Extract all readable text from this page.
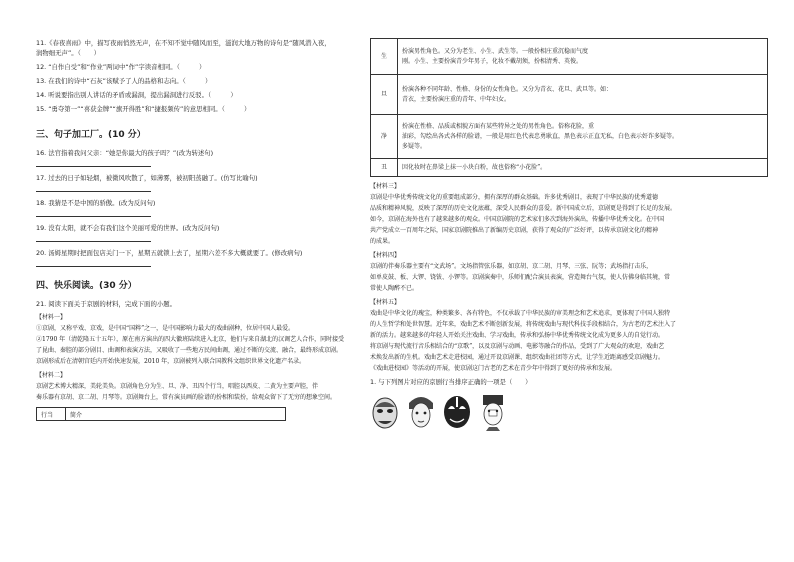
11.《春夜喜雨》中，描写夜雨悄然无声，在不知不觉中随风而至，滋润大地万物的诗句是“随风潜入夜，
润物细无声”。（　　）
12. “自作自受”和“作业”两词中“作”字读音相同。（　　　）
13. 在我们的诗中“石灰”该赋予了人的品格和志向。（　　　）
14. 听说要指出别人讲话的矛盾或漏洞，提出漏洞进行反驳。（　　　）
15. “勇夺第一”“喜获金牌”“旗开得胜”和“捷报频传”的意思相同。（　　　）
三、句子加工厂。(10 分）
16. 法官指着我问父亲：“她是你最大的孩子吗？”(改为转述句)
17. 过去的日子如轻烟，被微风吹散了，如薄雾，被初阳蒸融了。(仿写比喻句)
18. 我猜是不是中国的骄傲。(改为反问句)
19. 没有太阳，就不会有我们这个美丽可爱的世界。(改为反问句)
20. 汤姆星期时把面包店关门一下，星期五就锁上去了，星期六差不多大概就要了。(修改病句)
四、快乐阅读。(30 分）
21. 阅读下面关于京剧的材料，完成下面的小题。
【材料一】
①京剧，又称平戏、京戏，是中国“国粹”之一，是中国影响力最大的戏曲剧种，位居中国人最爱。
②1790 年（清乾隆五十五年），原在南方演出的四大徽班陆续进入北京，他们与来自湖北的汉调艺人合作，同时接受
了昆曲、秦腔的部分剧目、曲调和表演方法，又吸收了一些地方民间曲调，通过不断的交流、融合，最终形成京剧。
京剧形成后在清朝宫廷内开始快速发展，2010 年，京剧被列入联合国教科文组织世界文化遗产名录。
【材料二】
京剧艺术博大精深，美轮美奂。京剧角色分为生、旦、净、丑四个行当，唱腔以西皮、二黄为主要声腔，伴
奏乐器有京胡、京二胡、月琴等。京剧舞台上，常有演员画的脸谱的扮相和装扮，给观众留下了无穷的想象空间。
行当	简介
生	扮演男性角色。又分为老生、小生、武生等。一般扮相庄重沉稳而气度
刚。小生、主要扮演青少年男子，化妆不戴胡须，扮相清秀、英俊。

旦	扮演各种不同年龄、性格、身份的女性角色。又分为青衣、花旦、武旦等。如：
青衣，主要扮演庄重的青年、中年妇女。

净	扮演在性格、品质或相貌方面有某些特异之处的男性角色。俗称花脸，重
油彩，勾绘出各式各样的脸谱，一般是用红色代表忠勇耿直，黑色表示正直无私，白色表示奸诈多疑等。
多疑等。

丑	因化妆时在鼻梁上抹一小块白粉，故也俗称“小花脸”。
【材料三】
京剧是中华优秀传统文化的重要组成部分，拥有深厚的群众基础。许多优秀剧目，表现了中华民族的优秀道德
品质和精神风貌，反映了深厚的历史文化底蕴，深受人民群众的喜爱。新中国成立后，京剧更是得到了长足的发展。
如今，京剧在海外也有了越来越多的观众。中国京剧院的艺术家们多次到海外演出，传播中华优秀文化。在中国
共产党成立一百周年之际，国家京剧院推出了新编历史京剧，获得了观众的广泛好评，以传承京剧文化的精神
的成果。
【材料四】
京剧的伴奏乐器主要有“文武场”。文场指管弦乐器，如京胡、京二胡、月琴、三弦、阮等；武场指打击乐，
如单皮鼓、板、大锣、铙钹、小锣等。京剧演奏中，乐师们配合演员表演，营造舞台气氛，使人仿佛身临其境，常
常使人陶醉不已。
【材料五】
戏曲是中华文化的瑰宝，种类繁多、各有特色，不仅承载了中华民族的审美理念和艺术追求，更体现了中国人独特
的人生哲学和处世智慧。近年来，戏曲艺术不断创新发展，将传统戏曲与现代科技手段相结合，为古老的艺术注入了
新的活力。越来越多的年轻人开始关注戏曲、学习戏曲，传承和弘扬中华优秀传统文化成为更多人的自觉行动。
将京剧与现代流行音乐相结合的“京歌”，以及京剧与动画、电影等融合的作品，受到了广大观众的欢迎，戏曲艺
术焕发出新的生机。戏曲艺术走进校园，通过开设京剧课、组织戏曲社团等方式，让学生近距离感受京剧魅力。
《戏曲进校园》等活动的开展，使京剧这门古老的艺术在青少年中得到了更好的传承和发展。
1. 与下列图片对应的京剧行当排序正确的一项是（　　）
